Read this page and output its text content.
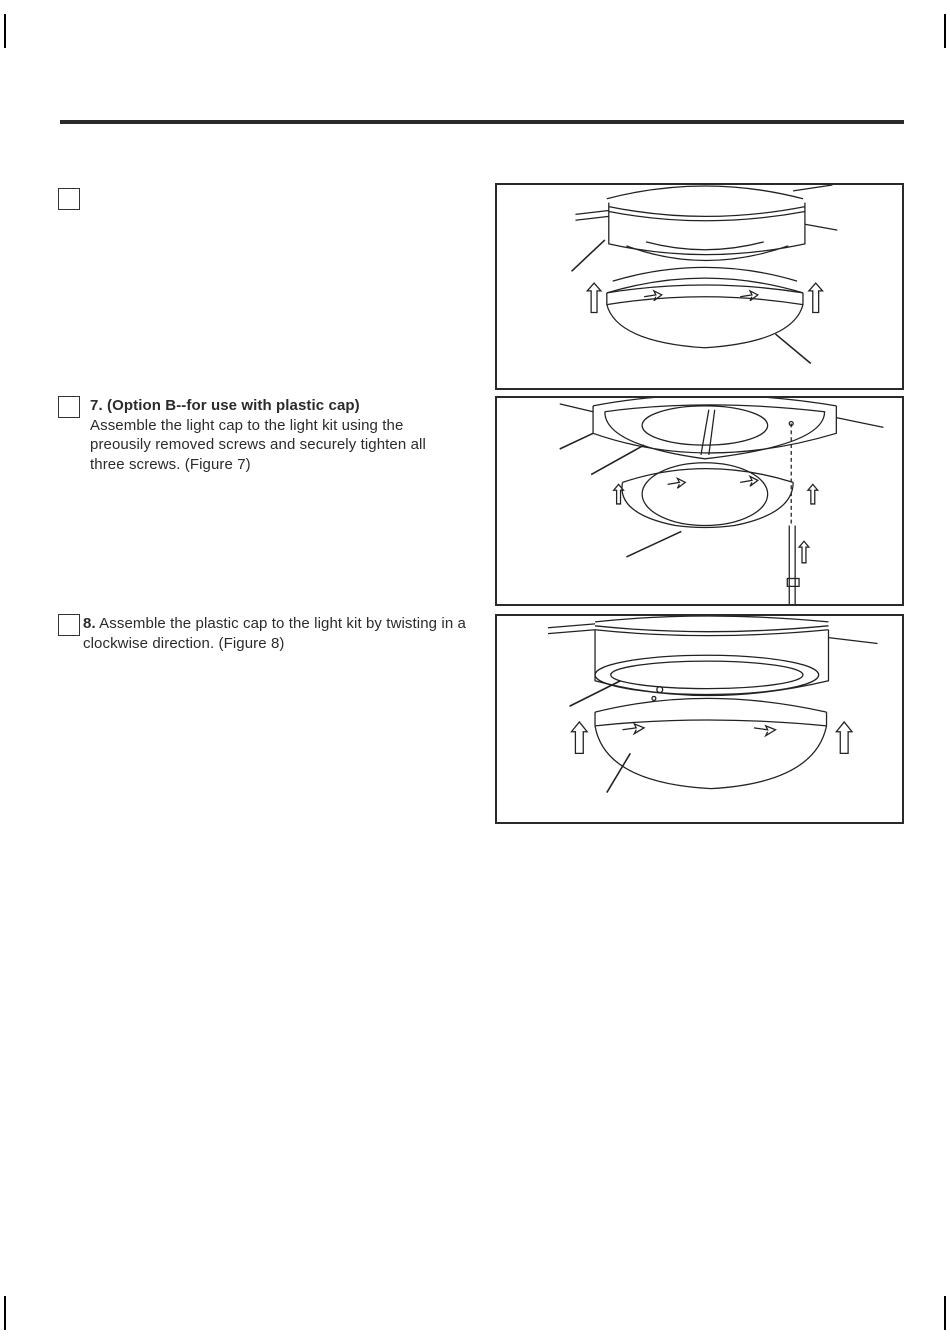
7. (Option B--for use with plastic cap)
Assemble the light cap to the light kit using the
preousily removed screws and securely tighten all
three screws. (Figure 7)
8. Assemble the plastic cap to the light kit by twisting in a clockwise direction. (Figure 8)
